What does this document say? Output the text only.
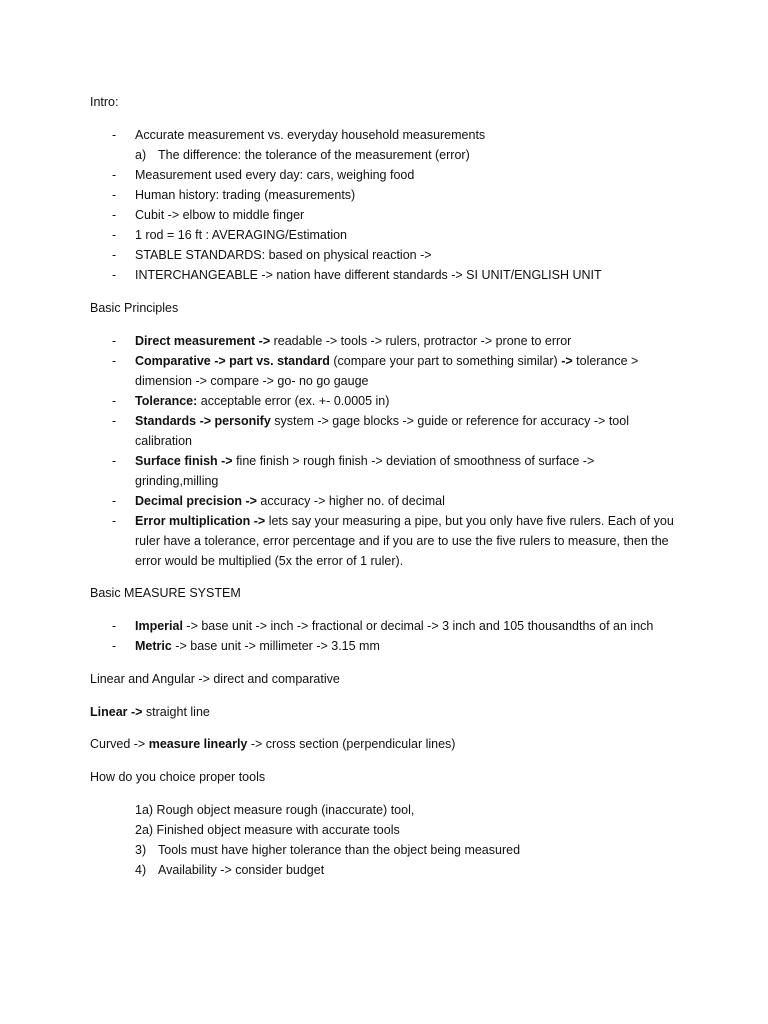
Intro:

- Accurate measurement vs. everyday household measurements
a) The difference: the tolerance of the measurement (error)
- Measurement used every day: cars, weighing food
- Human history: trading (measurements)
- Cubit -> elbow to middle finger
- 1 rod = 16 ft : AVERAGING/Estimation
- STABLE STANDARDS: based on physical reaction ->
- INTERCHANGEABLE -> nation have different standards -> SI UNIT/ENGLISH UNIT

Basic Principles

- Direct measurement -> readable -> tools -> rulers, protractor -> prone to error
- Comparative -> part vs. standard (compare your part to something similar) -> tolerance > dimension -> compare -> go- no go gauge
- Tolerance: acceptable error (ex. +- 0.0005 in)
- Standards -> personify system -> gage blocks -> guide or reference for accuracy -> tool calibration
- Surface finish -> fine finish > rough finish -> deviation of smoothness of surface -> grinding,milling
- Decimal precision -> accuracy -> higher no. of decimal
- Error multiplication -> lets say your measuring a pipe, but you only have five rulers. Each of you ruler have a tolerance, error percentage and if you are to use the five rulers to measure, then the error would be multiplied (5x the error of 1 ruler).

Basic MEASURE SYSTEM

- Imperial -> base unit -> inch -> fractional or decimal -> 3 inch and 105 thousandths of an inch
- Metric -> base unit -> millimeter -> 3.15 mm

Linear and Angular -> direct and comparative

Linear -> straight line

Curved -> measure linearly -> cross section (perpendicular lines)

How do you choice proper tools

1a) Rough object measure rough (inaccurate) tool,
2a) Finished object measure with accurate tools
3) Tools must have higher tolerance than the object being measured
4) Availability -> consider budget
